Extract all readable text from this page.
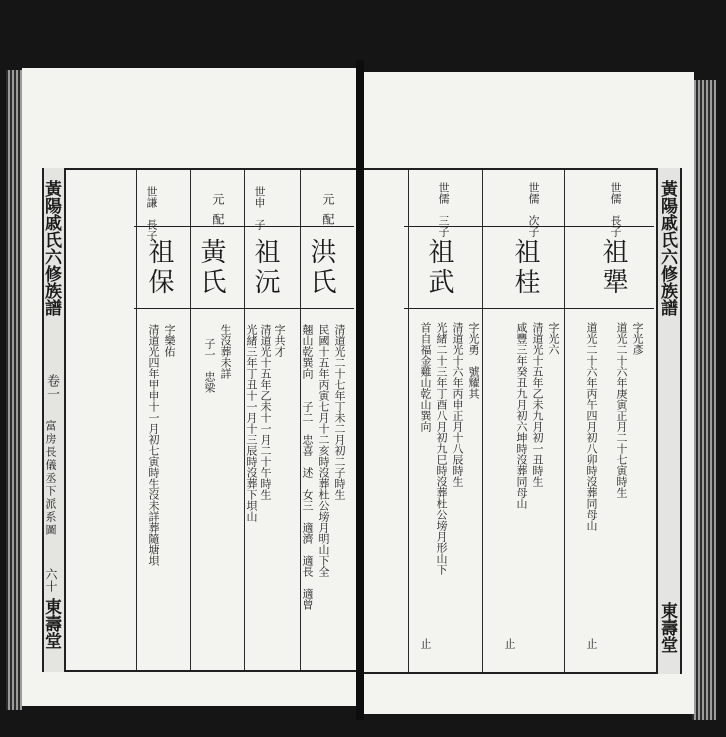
黃陽戚氏六修族譜
卷一
富房長儀丞下派系圖
六十
東壽堂
元配
洪氏
清道光二十七年丁未二月初二子時生
民國十五年丙寅七月十二亥時沒葬杜公塝月明山下全
翹山乾巽向　　子二　忠喜　述　女三　適濟　適長　適曾
世申　子
祖沅
字共才
清道光十五年乙未十一月二十午時生
光緒三年丁丑十一月十三辰時沒葬下垻山
元配
黃氏
生沒葬未詳
子一　忠梁
世謙　長子
祖保
字樂佑
清道光四年甲申十一月初七寅時生沒未詳葬隨塘垻
黃陽戚氏六修族譜
東壽堂
世儒　長子
祖犟
字光彥
道光二十六年庚寅正月二十七寅時生
道光二十六年丙午四月初八卯時沒葬同母山
止
世儒　次子
祖桂
字光六
清道光十五年乙未九月初一丑時生
咸豐三年癸丑九月初六坤時沒葬同母山
止
世儒　三子
祖武
字光勇　號耀其
清道光十六年丙申正月十八辰時生
光緒二十三年丁酉八月初九巳時沒葬杜公塝月形山下
首自福金雞山乾山巽向
止
